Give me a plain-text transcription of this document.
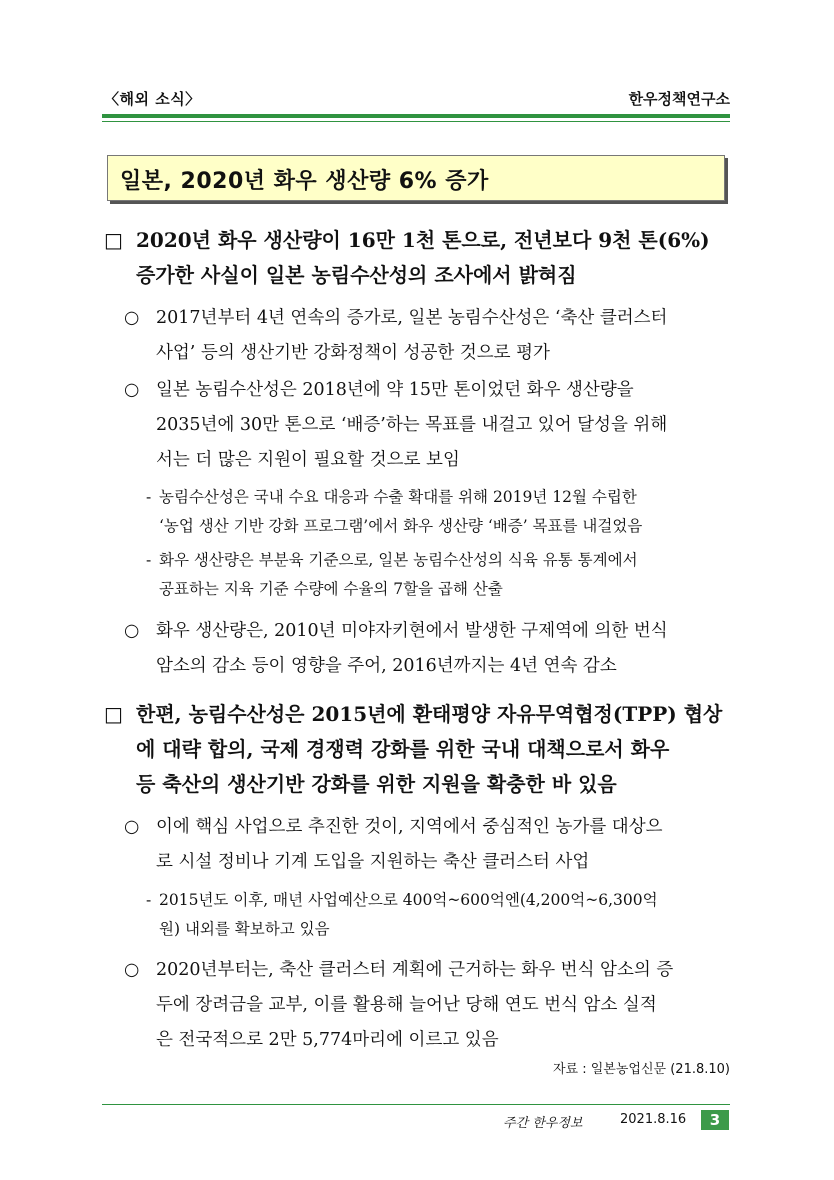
〈해외 소식〉	한우정책연구소
일본, 2020년 화우 생산량 6% 증가
□ 2020년 화우 생산량이 16만 1천 톤으로, 전년보다 9천 톤(6%)
증가한 사실이 일본 농림수산성의 조사에서 밝혀짐
○ 2017년부터 4년 연속의 증가로, 일본 농림수산성은 ‘축산 클러스터
사업’ 등의 생산기반 강화정책이 성공한 것으로 평가
○ 일본 농림수산성은 2018년에 약 15만 톤이었던 화우 생산량을
2035년에 30만 톤으로 ‘배증’하는 목표를 내걸고 있어 달성을 위해
서는 더 많은 지원이 필요할 것으로 보임
- 농림수산성은 국내 수요 대응과 수출 확대를 위해 2019년 12월 수립한
‘농업 생산 기반 강화 프로그램’에서 화우 생산량 ‘배증’ 목표를 내걸었음
- 화우 생산량은 부분육 기준으로, 일본 농림수산성의 식육 유통 통계에서
공표하는 지육 기준 수량에 수율의 7할을 곱해 산출
○ 화우 생산량은, 2010년 미야자키현에서 발생한 구제역에 의한 번식
암소의 감소 등이 영향을 주어, 2016년까지는 4년 연속 감소
□ 한편, 농림수산성은 2015년에 환태평양 자유무역협정(TPP) 협상
에 대략 합의, 국제 경쟁력 강화를 위한 국내 대책으로서 화우
등 축산의 생산기반 강화를 위한 지원을 확충한 바 있음
○ 이에 핵심 사업으로 추진한 것이, 지역에서 중심적인 농가를 대상으
로 시설 정비나 기계 도입을 지원하는 축산 클러스터 사업
- 2015년도 이후, 매년 사업예산으로 400억~600억엔(4,200억~6,300억
원) 내외를 확보하고 있음
○ 2020년부터는, 축산 클러스터 계획에 근거하는 화우 번식 암소의 증
두에 장려금을 교부, 이를 활용해 늘어난 당해 연도 번식 암소 실적
은 전국적으로 2만 5,774마리에 이르고 있음
자료 : 일본농업신문 (21.8.10)
주간 한우정보	2021.8.16	3
